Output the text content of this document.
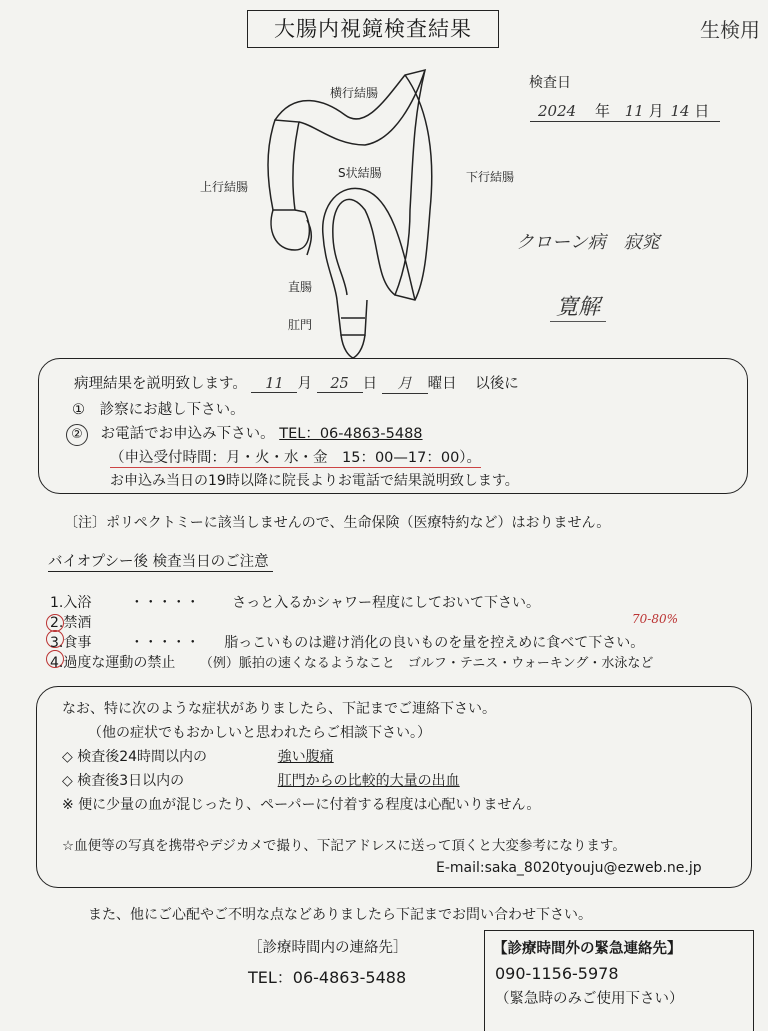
大腸内視鏡検査結果	生検用
検査日
2024 年 11 月 14 日
横行結腸
上行結腸
S状結腸	下行結腸
直腸
肛門
クローン病　寂窕
寛解
病理結果を説明致します。 11 月 25 日 月 曜日 以後に
① 診察にお越し下さい。
② お電話でお申込み下さい。 TEL：06-4863-5488
（申込受付時間：月・火・水・金　15：00—17：00）。
お申込み当日の19時以降に院長よりお電話で結果説明致します。
〔注〕ポリペクトミーに該当しませんので、生命保険（医療特約など）はおりません。
バイオプシー後 検査当日のご注意
70-80%
1.入浴	・・・・・ さっと入るかシャワー程度にしておいて下さい。
2.禁酒
3.食事	・・・・・ 脂っこいものは避け消化の良いものを量を控えめに食べて下さい。
4.過度な運動の禁止 （例）脈拍の速くなるようなこと　ゴルフ・テニス・ウォーキング・水泳など
なお、特に次のような症状がありましたら、下記までご連絡下さい。
（他の症状でもおかしいと思われたらご相談下さい。）
◇ 検査後24時間以内の	強い腹痛
◇ 検査後3日以内の	肛門からの比較的大量の出血
※ 便に少量の血が混じったり、ペーパーに付着する程度は心配いりません。
☆血便等の写真を携帯やデジカメで撮り、下記アドレスに送って頂くと大変参考になります。
E-mail:saka_8020tyouju@ezweb.ne.jp
また、他にご心配やご不明な点などありましたら下記までお問い合わせ下さい。
［診療時間内の連絡先］
TEL：06-4863-5488
【診療時間外の緊急連絡先】
090-1156-5978
（緊急時のみご使用下さい）
